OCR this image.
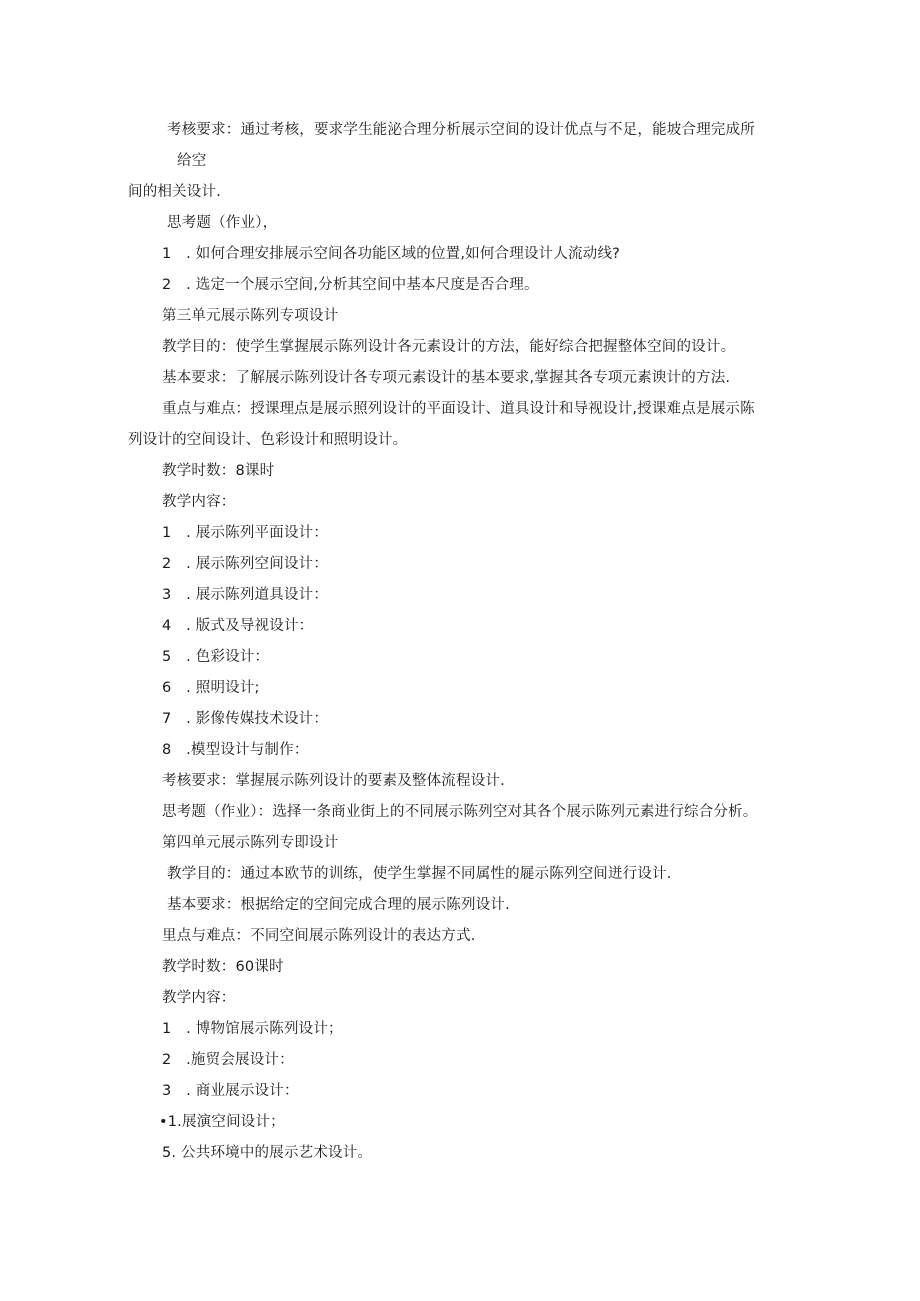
考核要求：通过考核，要求学生能泌合理分析展示空间的设计优点与不足，能坡合理完成所
给空
间的相关设计.
思考题（作业），
1　. 如何合理安排展示空间各功能区域的位置,如何合理设计人流动线?
2　. 选定一个展示空间,分析其空间中基本尺度是否合理。
第三单元展示陈列专项设计
教学目的：使学生掌握展示陈列设计各元素设计的方法，能好综合把握整体空间的设计。
基本要求：了解展示陈列设计各专项元素设计的基本要求,掌握其各专项元素谀计的方法.
重点与难点：授课理点是展示照列设计的平面设计、道具设计和导视设计,授课难点是展示陈
列设计的空间设计、色彩设计和照明设计。
教学时数：8课时
教学内容：
1　. 展示陈列平面设计：
2　. 展示陈列空间设计：
3　. 展示陈列道具设计：
4　. 版式及导视设计：
5　. 色彩设计：
6　. 照明设计;
7　. 影像传媒技术设计：
8　.模型设计与制作：
考核要求：掌握展示陈列设计的要素及整体流程设计.
思考题（作业）：选择一条商业街上的不同展示陈列空对其各个展示陈列元素进行综合分析。
第四单元展示陈列专即设计
教学目的：通过本欧节的训练，使学生掌握不同属性的屣示陈列空间迸行设计.
基本要求：根据给定的空间完成合理的展示陈列设计.
里点与难点：不同空间展示陈列设计的表达方式.
教学时数：60课时
教学内容：
1　. 博物馆展示陈列设计；
2　.施贸会展设计：
3　. 商业展示设计：
•1.展演空间设计；
5. 公共环境中的展示艺术设计。
